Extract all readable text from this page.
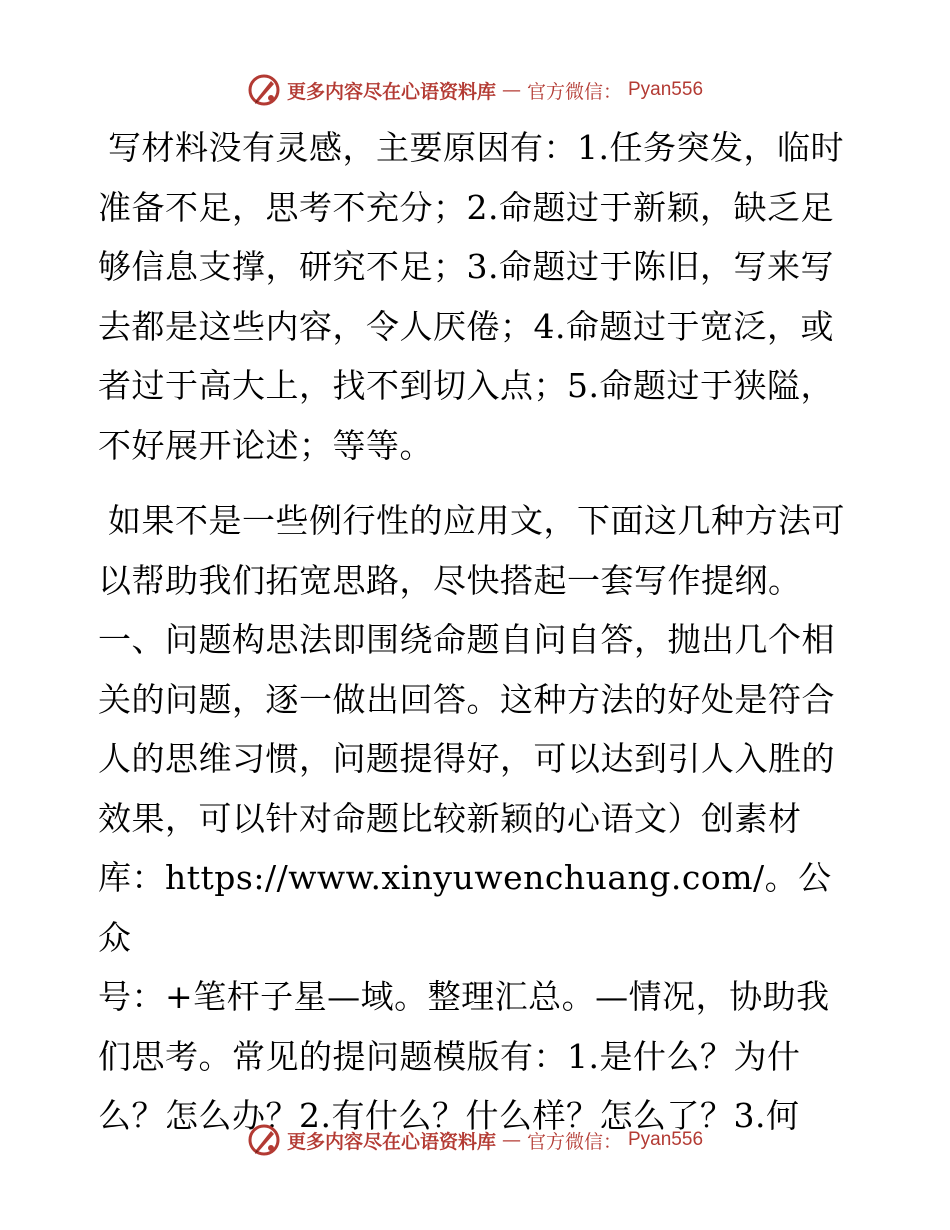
更多内容尽在心语资料库 — 官方微信： Pyan556

写材料没有灵感，主要原因有：1.任务突发，临时准备不足，思考不充分；2.命题过于新颖，缺乏足够信息支撑，研究不足；3.命题过于陈旧，写来写去都是这些内容，令人厌倦；4.命题过于宽泛，或者过于高大上，找不到切入点；5.命题过于狭隘，不好展开论述；等等。

如果不是一些例行性的应用文，下面这几种方法可以帮助我们拓宽思路，尽快搭起一套写作提纲。一、问题构思法即围绕命题自问自答，抛出几个相关的问题，逐一做出回答。这种方法的好处是符合人的思维习惯，问题提得好，可以达到引人入胜的效果，可以针对命题比较新颖的心语文）创素材库：https://www.xinyuwenchuang.com/。公众

号：+笔杆子星—域。整理汇总。—情况，协助我们思考。常见的提问题模版有：1.是什么？为什么？怎么办？2.有什么？什么样？怎么了？3.何

更多内容尽在心语资料库 — 官方微信： Pyan556
